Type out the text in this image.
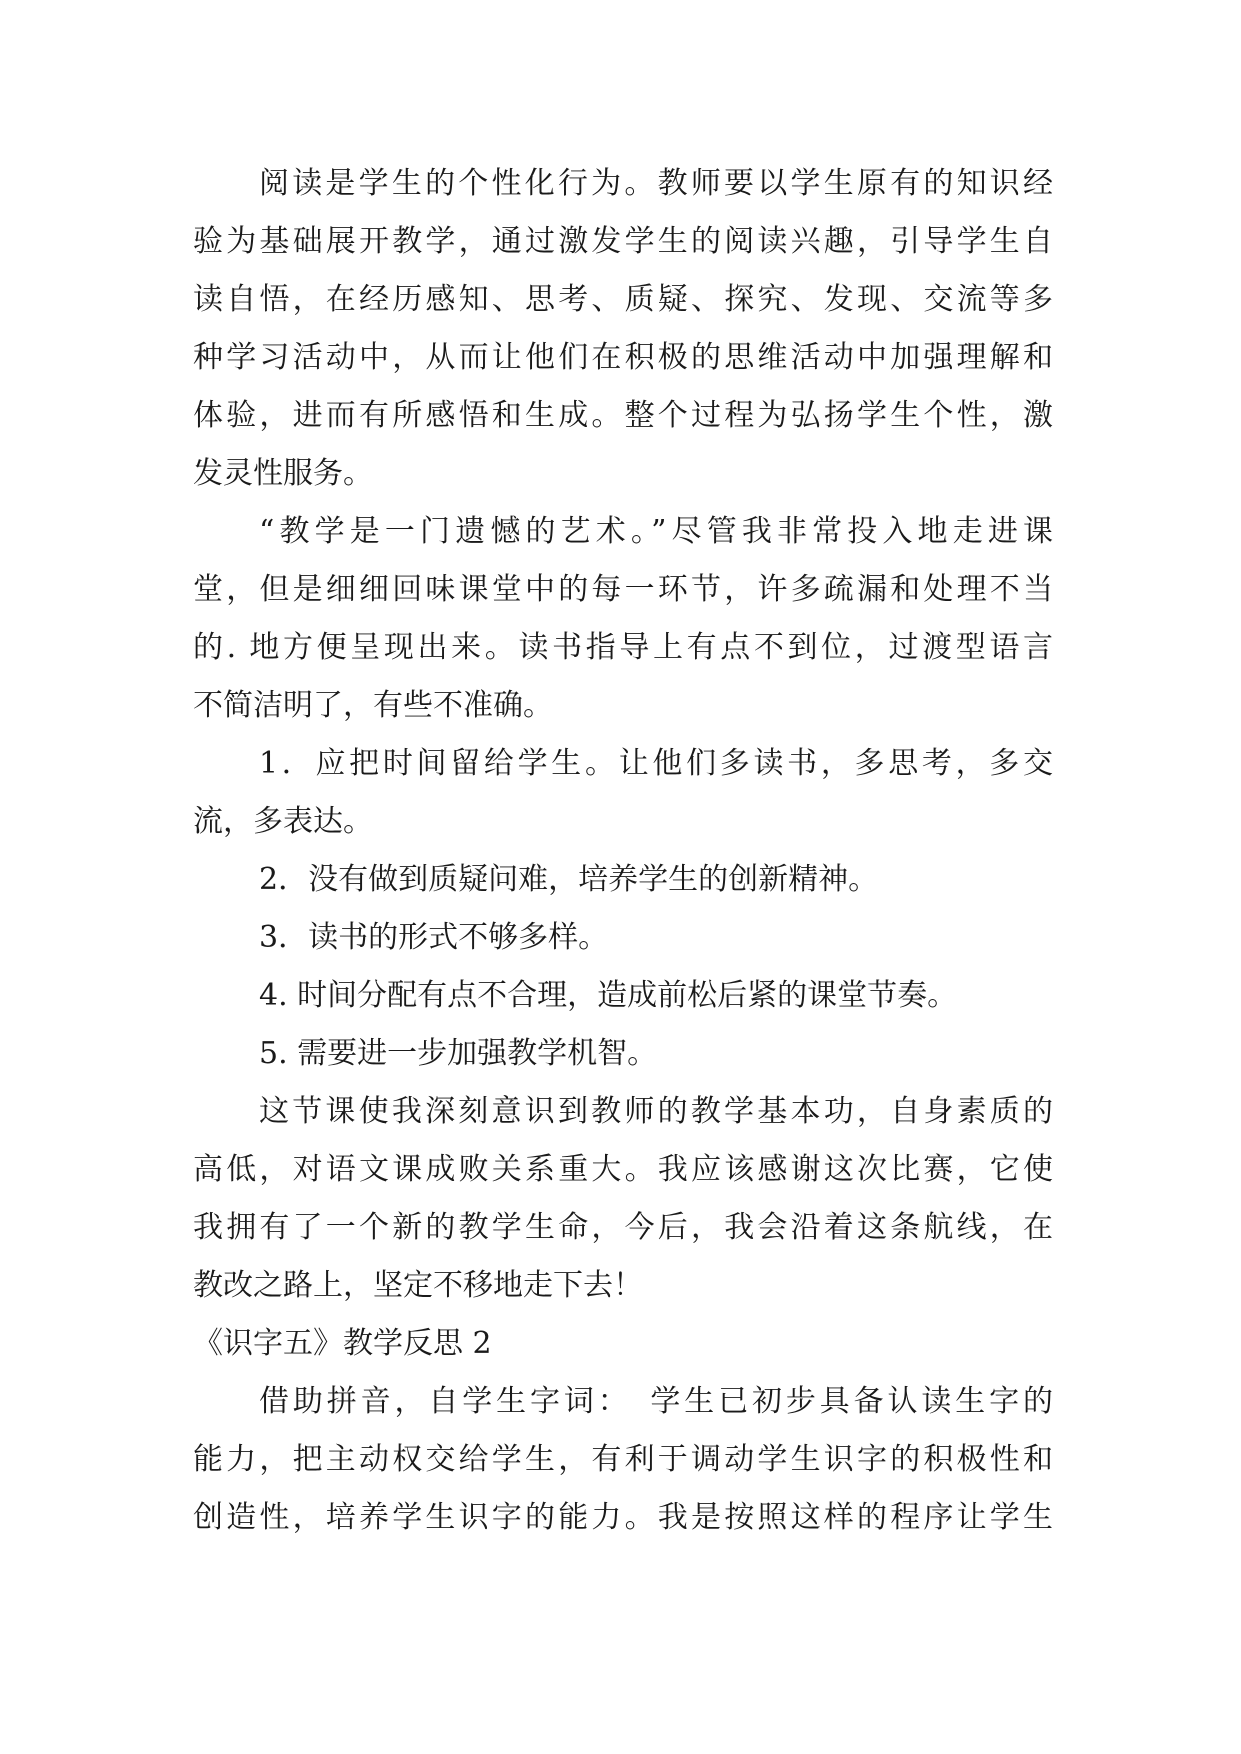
阅读是学生的个性化行为。教师要以学生原有的知识经
验为基础展开教学，通过激发学生的阅读兴趣，引导学生自
读自悟，在经历感知、思考、质疑、探究、发现、交流等多
种学习活动中，从而让他们在积极的思维活动中加强理解和
体验，进而有所感悟和生成。整个过程为弘扬学生个性，激
发灵性服务。
“教学是一门遗憾的艺术。”尽管我非常投入地走进课
堂，但是细细回味课堂中的每一环节，许多疏漏和处理不当
的. 地方便呈现出来。读书指导上有点不到位，过渡型语言
不简洁明了，有些不准确。
1．应把时间留给学生。让他们多读书，多思考，多交
流，多表达。
2．没有做到质疑问难，培养学生的创新精神。
3．读书的形式不够多样。
4. 时间分配有点不合理，造成前松后紧的课堂节奏。
5. 需要进一步加强教学机智。
这节课使我深刻意识到教师的教学基本功，自身素质的
高低，对语文课成败关系重大。我应该感谢这次比赛，它使
我拥有了一个新的教学生命，今后，我会沿着这条航线，在
教改之路上，坚定不移地走下去！
《识字五》教学反思 2
借助拼音，自学生字词：　学生已初步具备认读生字的
能力，把主动权交给学生，有利于调动学生识字的积极性和
创造性，培养学生识字的能力。我是按照这样的程序让学生
